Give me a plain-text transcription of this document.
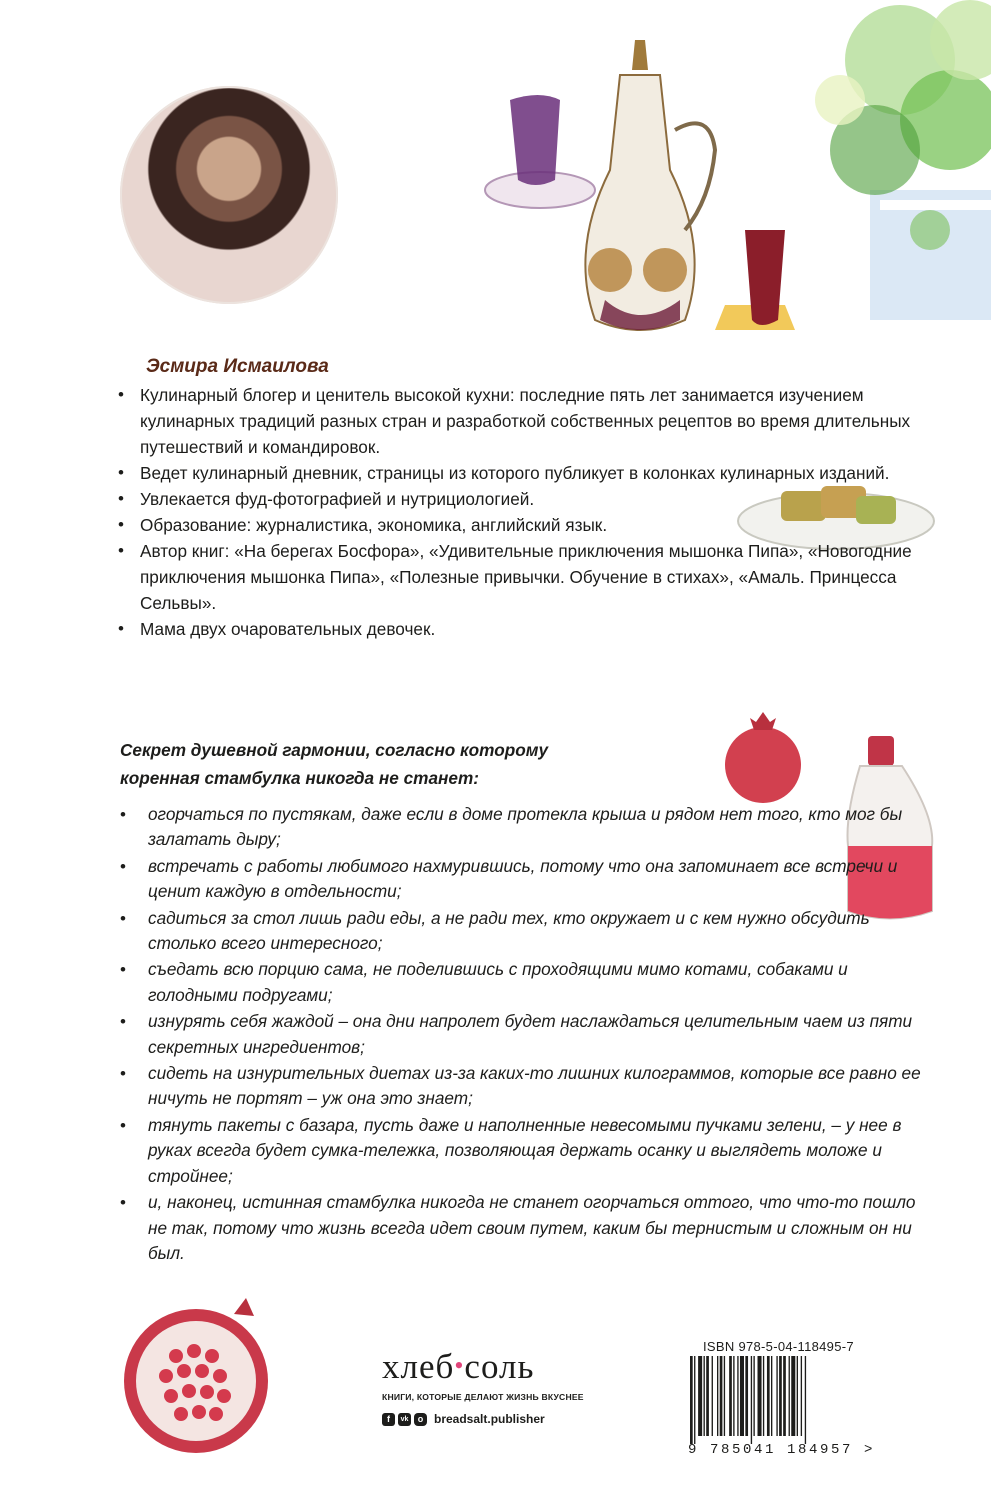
Эсмира Исмаилова
• Кулинарный блогер и ценитель высокой кухни: последние пять лет занимается изучением кулинарных традиций разных стран и разработкой собственных рецептов во время длительных путешествий и командировок.
• Ведет кулинарный дневник, страницы из которого публикует в колонках кулинарных изданий.
• Увлекается фуд-фотографией и нутрициологией.
• Образование: журналистика, экономика, английский язык.
• Автор книг: «На берегах Босфора», «Удивительные приключения мышонка Пипа», «Новогодние приключения мышонка Пипа», «Полезные привычки. Обучение в стихах», «Амаль. Принцесса Сельвы».
• Мама двух очаровательных девочек.
Секрет душевной гармонии, согласно которому
коренная стамбулка никогда не станет:
• огорчаться по пустякам, даже если в доме протекла крыша и рядом нет того, кто мог бы залатать дыру;
• встречать с работы любимого нахмурившись, потому что она запоминает все встречи и ценит каждую в отдельности;
• садиться за стол лишь ради еды, а не ради тех, кто окружает и с кем нужно обсудить столько всего интересного;
• съедать всю порцию сама, не поделившись с проходящими мимо котами, собаками и голодными подругами;
• изнурять себя жаждой – она дни напролет будет наслаждаться целительным чаем из пяти секретных ингредиентов;
• сидеть на изнурительных диетах из-за каких-то лишних килограммов, которые все равно ее ничуть не портят – уж она это знает;
• тянуть пакеты с базара, пусть даже и наполненные невесомыми пучками зелени, – у нее в руках всегда будет сумка-тележка, позволяющая держать осанку и выглядеть моложе и стройнее;
• и, наконец, истинная стамбулка никогда не станет огорчаться оттого, что что-то пошло не так, потому что жизнь всегда идет своим путем, каким бы тернистым и сложным он ни был.
хлеб•соль
КНИГИ, КОТОРЫЕ ДЕЛАЮТ ЖИЗНЬ ВКУСНЕЕ
f	vk	o breadsalt.publisher
ISBN 978-5-04-118495-7
9 785041 184957 >
